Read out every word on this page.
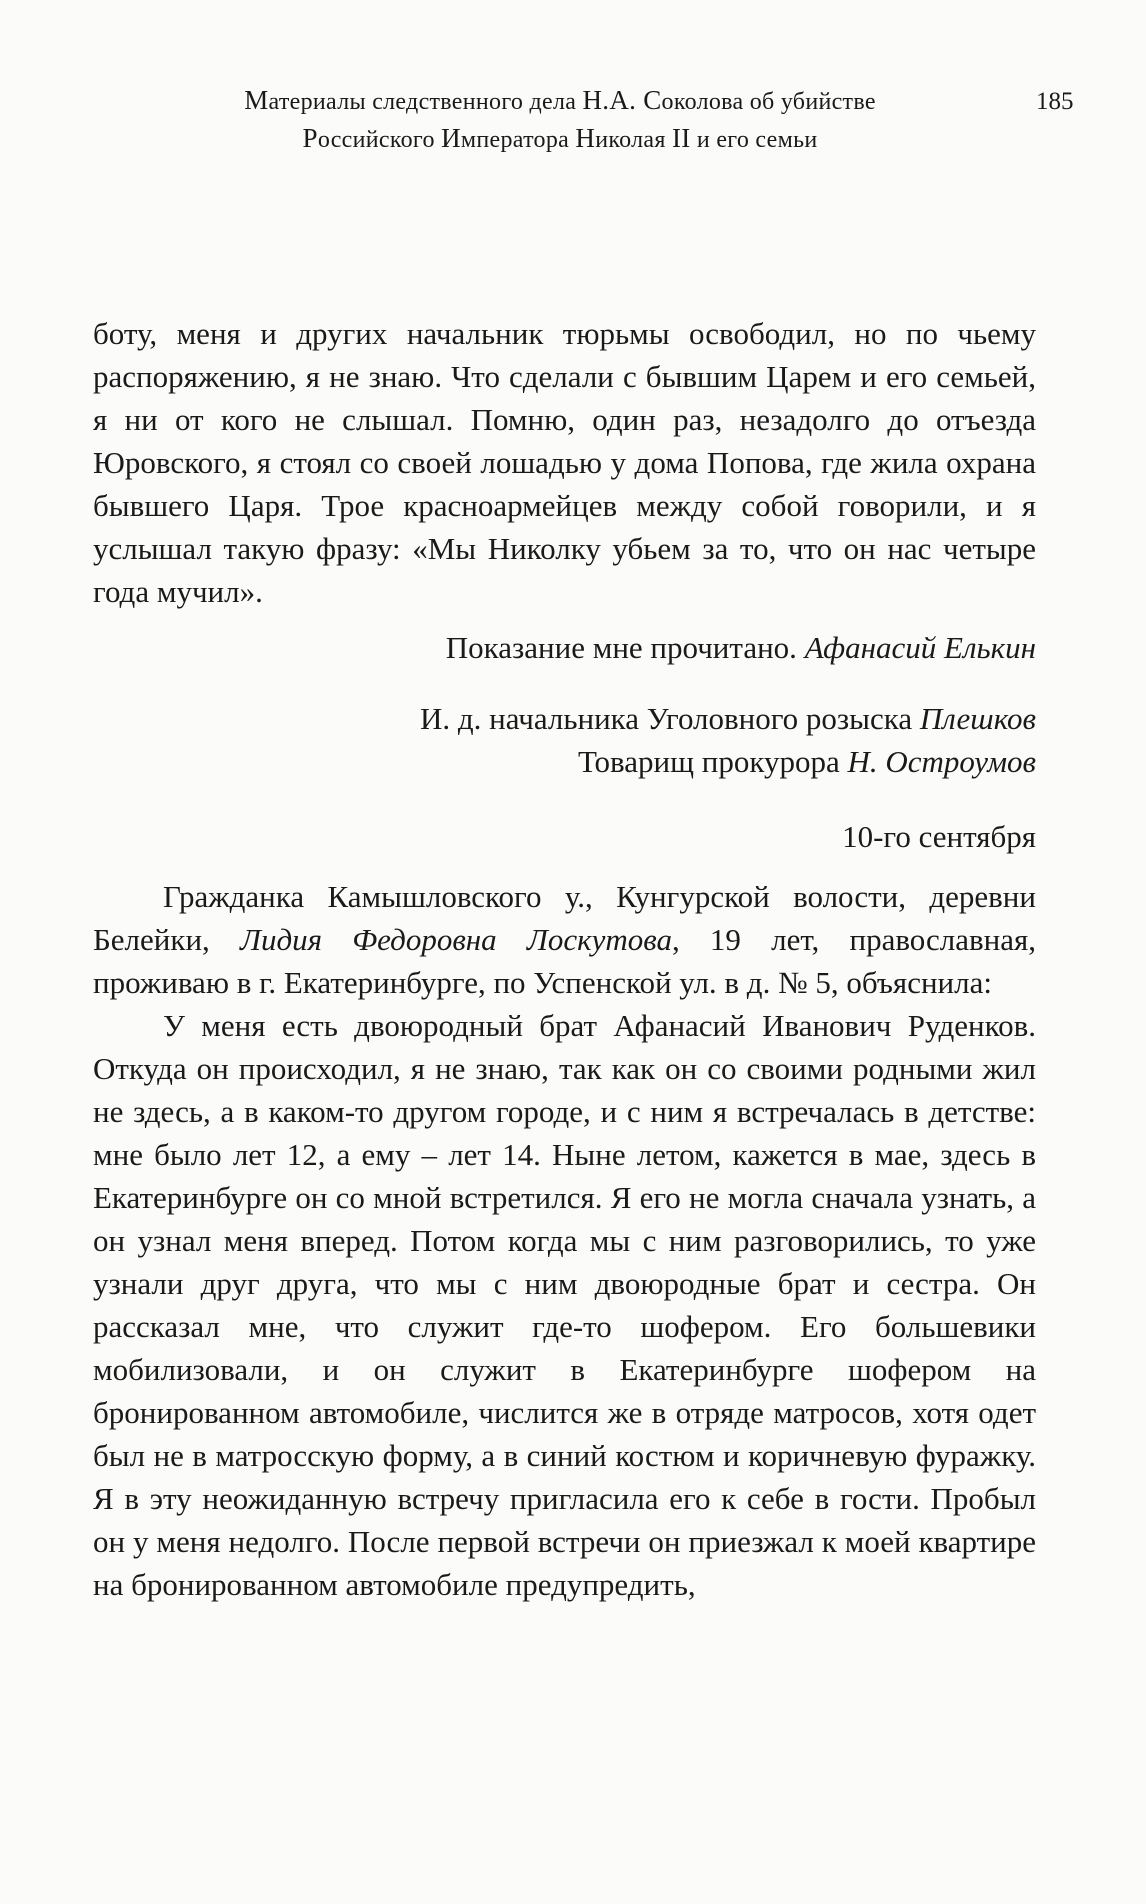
Материалы следственного дела Н.А. Соколова об убийстве
Российского Императора Николая II и его семьи
185

боту, меня и других начальник тюрьмы освободил, но по чьему распоряжению, я не знаю. Что сделали с бывшим Царем и его семьей, я ни от кого не слышал. Помню, один раз, незадолго до отъезда Юровского, я стоял со своей лошадью у дома Попова, где жила охрана бывшего Царя. Трое красноармейцев между собой говорили, и я услышал такую фразу: «Мы Николку убьем за то, что он нас четыре года мучил».

Показание мне прочитано. Афанасий Елькин

И. д. начальника Уголовного розыска Плешков

Товарищ прокурора Н. Остроумов

10-го сентября

Гражданка Камышловского у., Кунгурской волости, деревни Белейки, Лидия Федоровна Лоскутова, 19 лет, православная, проживаю в г. Екатеринбурге, по Успенской ул. в д. № 5, объяснила:

У меня есть двоюродный брат Афанасий Иванович Руденков. Откуда он происходил, я не знаю, так как он со своими родными жил не здесь, а в каком-то другом городе, и с ним я встречалась в детстве: мне было лет 12, а ему – лет 14. Ныне летом, кажется в мае, здесь в Екатеринбурге он со мной встретился. Я его не могла сначала узнать, а он узнал меня вперед. Потом когда мы с ним разговорились, то уже узнали друг друга, что мы с ним двоюродные брат и сестра. Он рассказал мне, что служит где-то шофером. Его большевики мобилизовали, и он служит в Екатеринбурге шофером на бронированном автомобиле, числится же в отряде матросов, хотя одет был не в матросскую форму, а в синий костюм и коричневую фуражку. Я в эту неожиданную встречу пригласила его к себе в гости. Пробыл он у меня недолго. После первой встречи он приезжал к моей квартире на бронированном автомобиле предупредить,
